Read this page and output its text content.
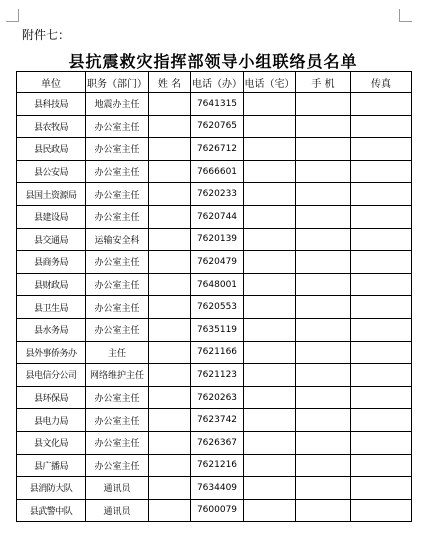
附件七：
县抗震救灾指挥部领导小组联络员名单
单位	职务（部门）	姓 名	电话（办）	电话（宅）	手 机	传真
县科技局	地震办主任		7641315			
县农牧局	办公室主任		7620765			
县民政局	办公室主任		7626712			
县公安局	办公室主任		7666601			
县国土资源局	办公室主任		7620233			
县建设局	办公室主任		7620744			
县交通局	运输安全科		7620139			
县商务局	办公室主任		7620479			
县财政局	办公室主任		7648001			
县卫生局	办公室主任		7620553			
县水务局	办公室主任		7635119			
县外事侨务办	主任		7621166			
县电信分公司	网络维护主任		7621123			
县环保局	办公室主任		7620263			
县电力局	办公室主任		7623742			
县文化局	办公室主任		7626367			
县广播局	办公室主任		7621216			
县消防大队	通讯员		7634409			
县武警中队	通讯员		7600079			
